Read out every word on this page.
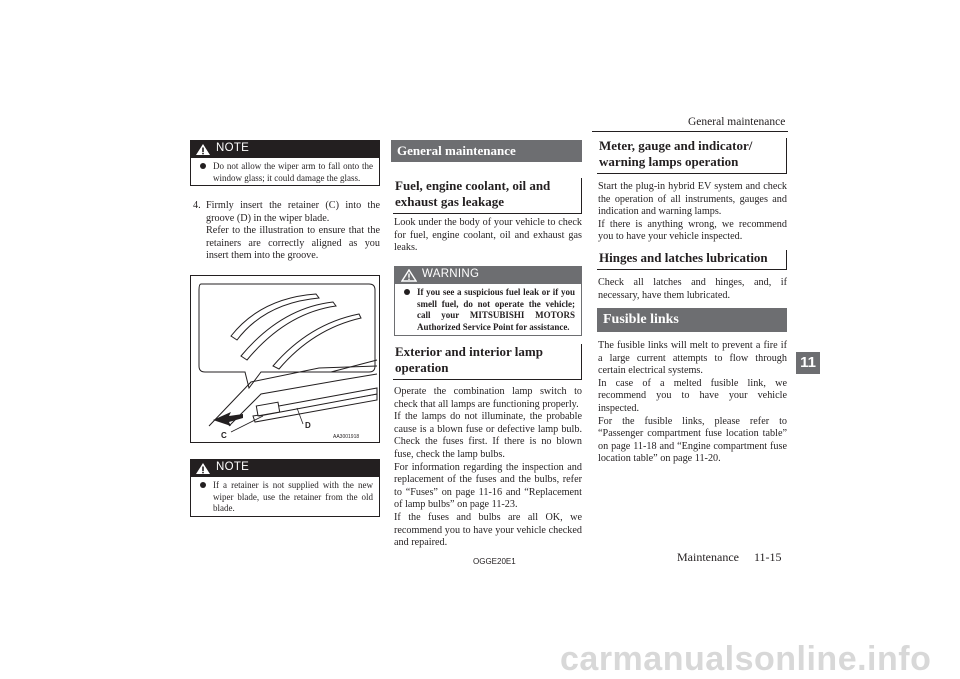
General maintenance
11
NOTE
Do not allow the wiper arm to fall onto the window glass; it could damage the glass.
4. Firmly insert the retainer (C) into the groove (D) in the wiper blade.

Refer to the illustration to ensure that the retainers are correctly aligned as you insert them into the groove.

C
D
AA3001918
NOTE
If a retainer is not supplied with the new wiper blade, use the retainer from the old blade.
General maintenance
Fuel, engine coolant, oil and exhaust gas leakage

Look under the body of your vehicle to check for fuel, engine coolant, oil and exhaust gas leaks.

WARNING
If you see a suspicious fuel leak or if you smell fuel, do not operate the vehicle; call your MITSUBISHI MOTORS Authorized Service Point for assistance.
Exterior and interior lamp operation

Operate the combination lamp switch to check that all lamps are functioning properly.

If the lamps do not illuminate, the probable cause is a blown fuse or defective lamp bulb. Check the fuses first. If there is no blown fuse, check the lamp bulbs.

For information regarding the inspection and replacement of the fuses and the bulbs, refer to “Fuses” on page 11-16 and “Replacement of lamp bulbs” on page 11-23.

If the fuses and bulbs are all OK, we recommend you to have your vehicle checked and repaired.

Meter, gauge and indicator/ warning lamps operation

Start the plug-in hybrid EV system and check the operation of all instruments, gauges and indication and warning lamps.

If there is anything wrong, we recommend you to have your vehicle inspected.

Hinges and latches lubrication

Check all latches and hinges, and, if necessary, have them lubricated.

Fusible links

The fusible links will melt to prevent a fire if a large current attempts to flow through certain electrical systems.

In case of a melted fusible link, we recommend you to have your vehicle inspected.

For the fusible links, please refer to “Passenger compartment fuse location table” on page 11-18 and “Engine compartment fuse location table” on page 11-20.

OGGE20E1	Maintenance 11-15
carmanualsonline.info
